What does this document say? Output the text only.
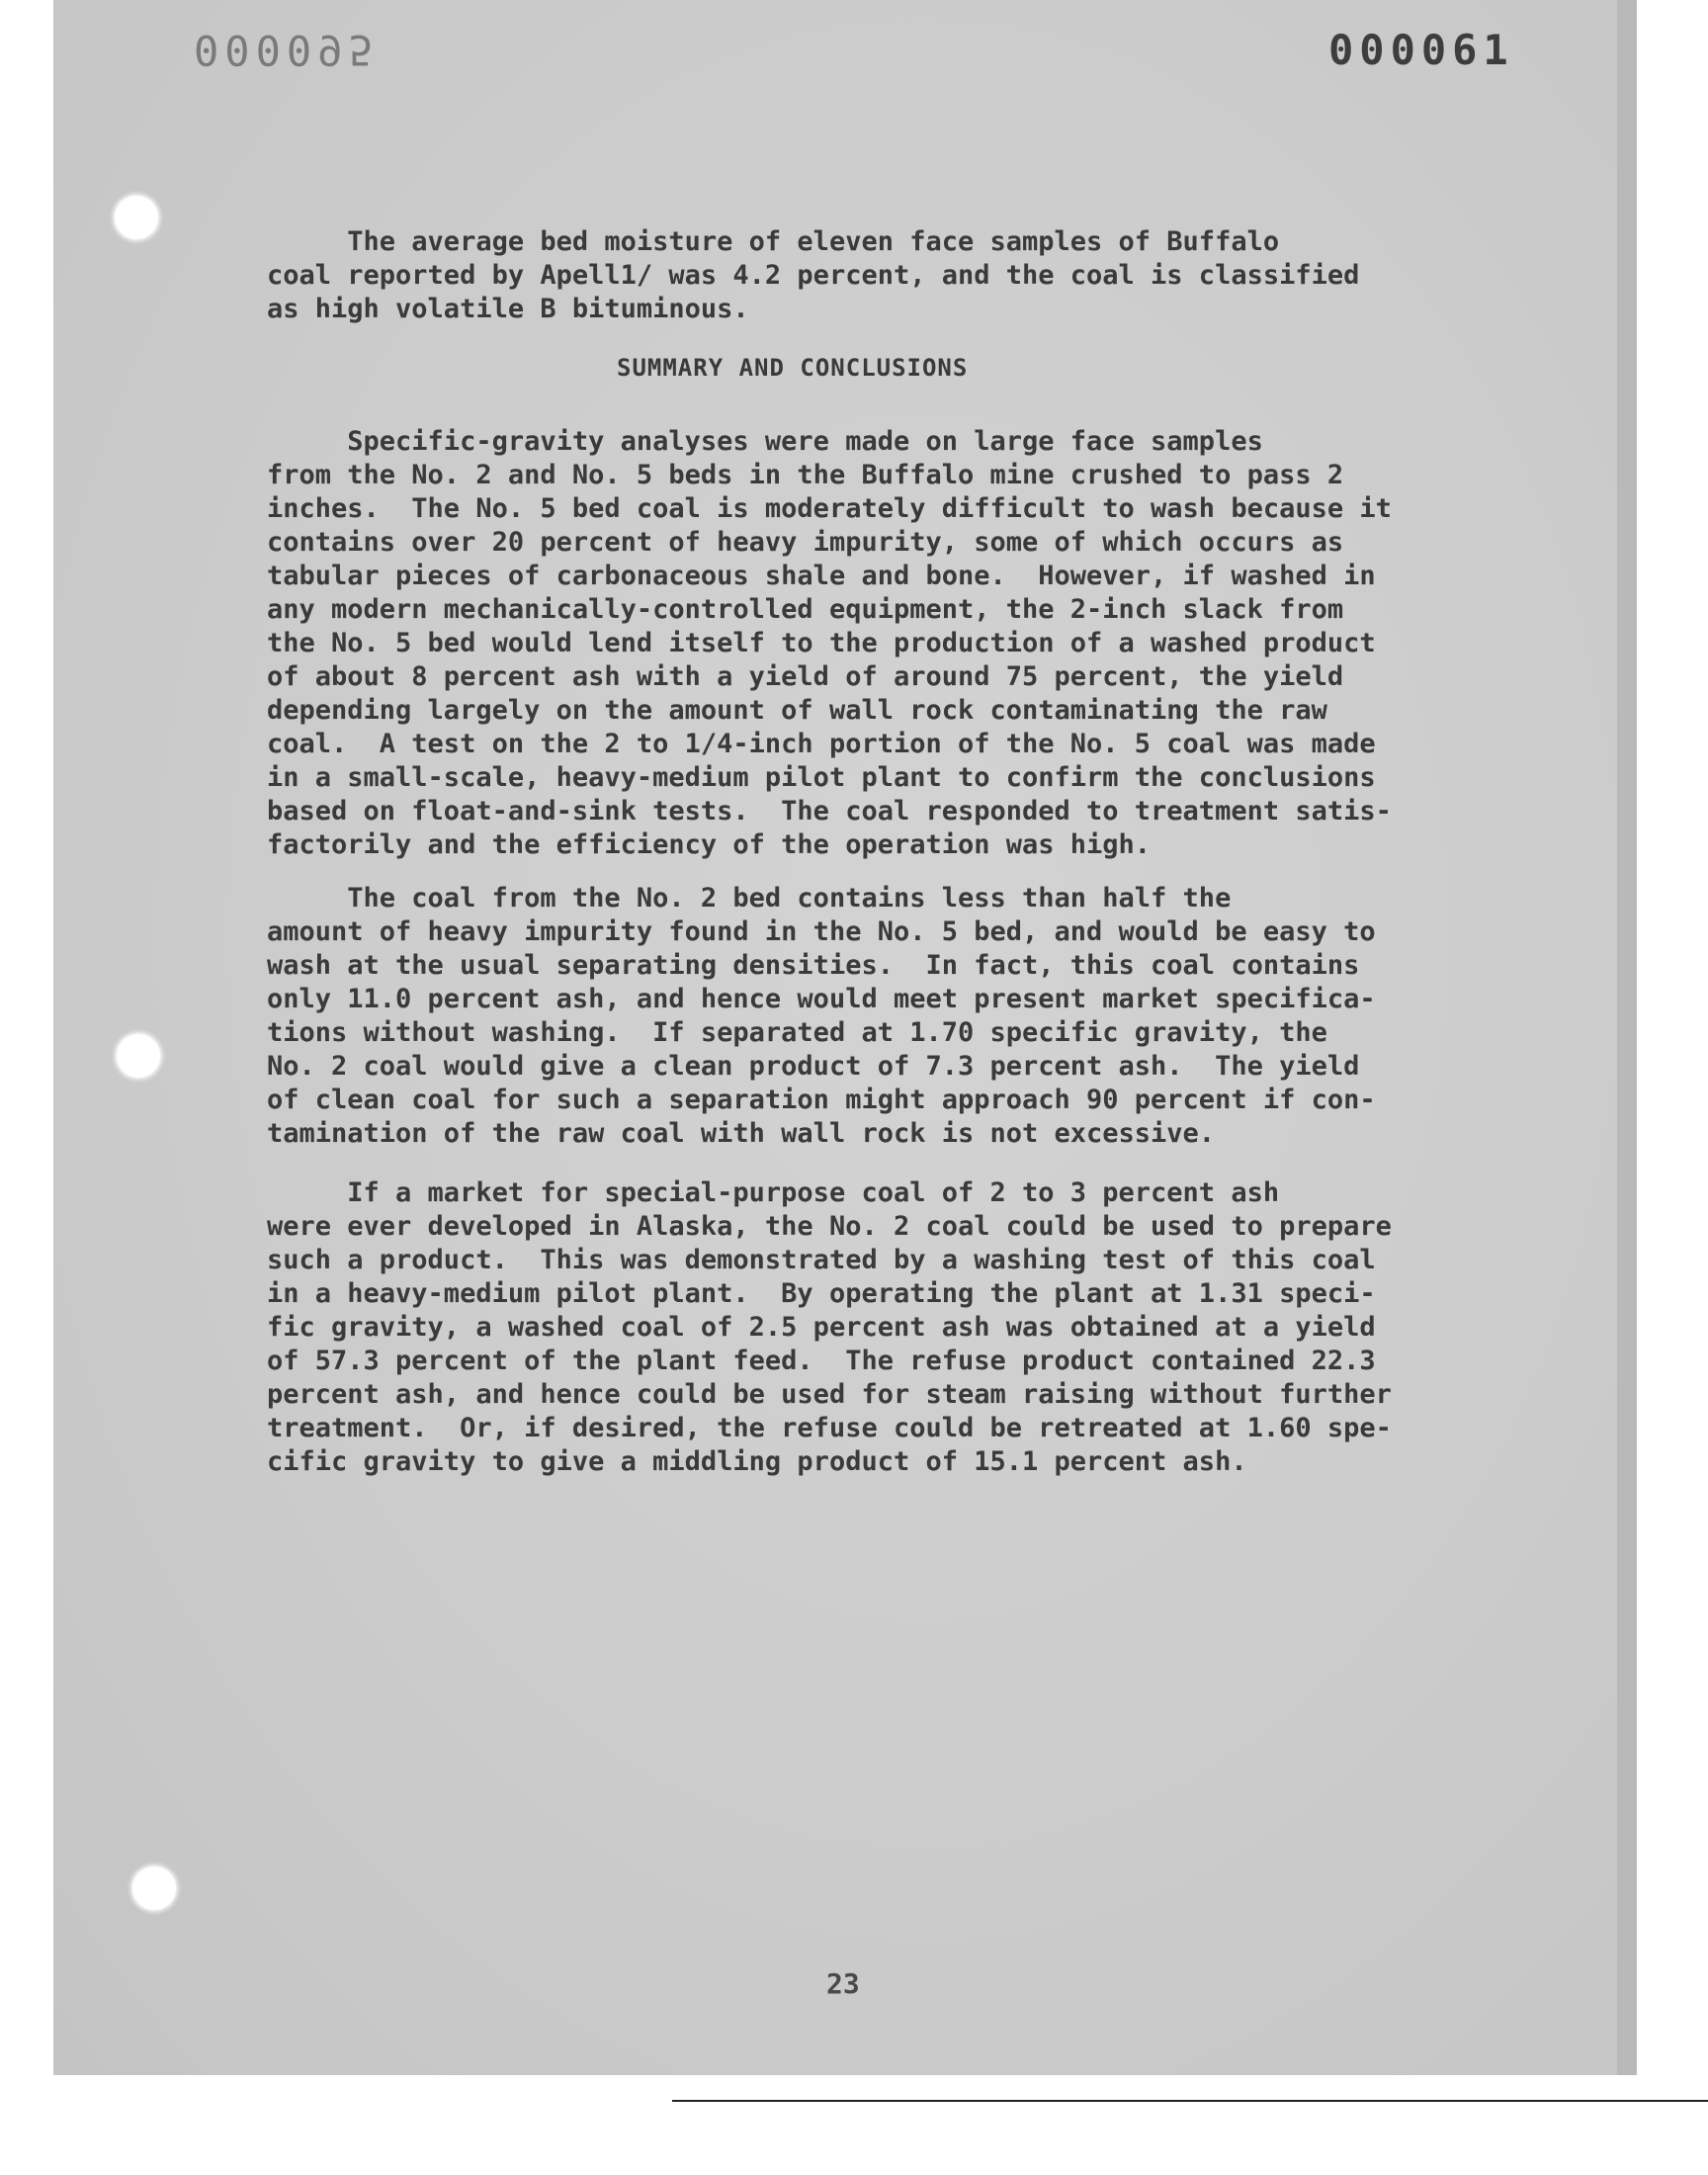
000095	000061
The average bed moisture of eleven face samples of Buffalo
coal reported by Apell1/ was 4.2 percent, and the coal is classified
as high volatile B bituminous.
SUMMARY AND CONCLUSIONS
Specific-gravity analyses were made on large face samples
from the No. 2 and No. 5 beds in the Buffalo mine crushed to pass 2
inches.  The No. 5 bed coal is moderately difficult to wash because it
contains over 20 percent of heavy impurity, some of which occurs as
tabular pieces of carbonaceous shale and bone.  However, if washed in
any modern mechanically-controlled equipment, the 2-inch slack from
the No. 5 bed would lend itself to the production of a washed product
of about 8 percent ash with a yield of around 75 percent, the yield
depending largely on the amount of wall rock contaminating the raw
coal.  A test on the 2 to 1/4-inch portion of the No. 5 coal was made
in a small-scale, heavy-medium pilot plant to confirm the conclusions
based on float-and-sink tests.  The coal responded to treatment satis-
factorily and the efficiency of the operation was high.
The coal from the No. 2 bed contains less than half the
amount of heavy impurity found in the No. 5 bed, and would be easy to
wash at the usual separating densities.  In fact, this coal contains
only 11.0 percent ash, and hence would meet present market specifica-
tions without washing.  If separated at 1.70 specific gravity, the
No. 2 coal would give a clean product of 7.3 percent ash.  The yield
of clean coal for such a separation might approach 90 percent if con-
tamination of the raw coal with wall rock is not excessive.
If a market for special-purpose coal of 2 to 3 percent ash
were ever developed in Alaska, the No. 2 coal could be used to prepare
such a product.  This was demonstrated by a washing test of this coal
in a heavy-medium pilot plant.  By operating the plant at 1.31 speci-
fic gravity, a washed coal of 2.5 percent ash was obtained at a yield
of 57.3 percent of the plant feed.  The refuse product contained 22.3
percent ash, and hence could be used for steam raising without further
treatment.  Or, if desired, the refuse could be retreated at 1.60 spe-
cific gravity to give a middling product of 15.1 percent ash.
23
